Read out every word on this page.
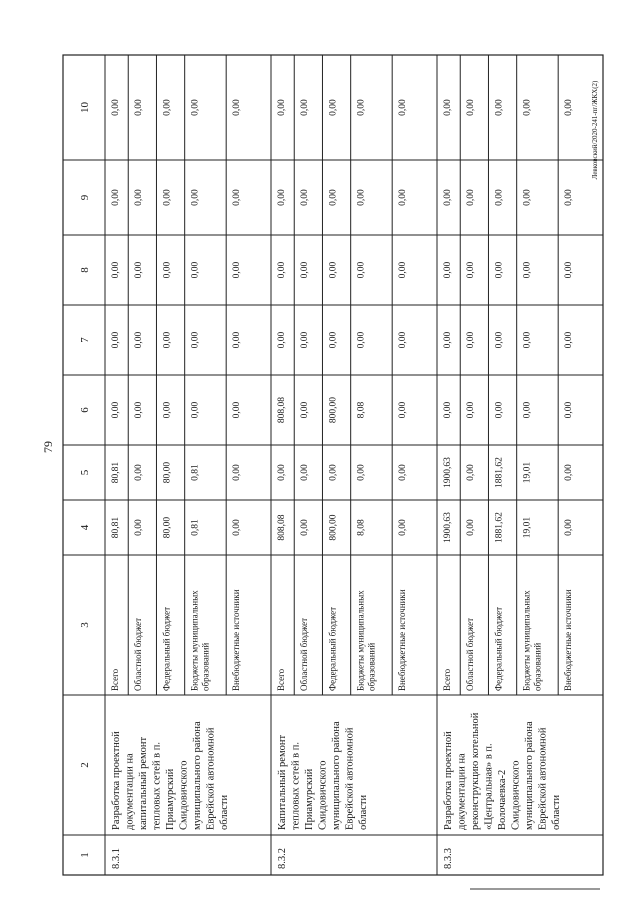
79
1
2
3
4
5
6
7
8
9
10
8.3.1
Разработка проектной документации на капитальный ремонт тепловых сетей в п. Приамурский Смидовичского муниципального района Еврейской автономной области
Всего
80,81
80,81
0,00
0,00
0,00
0,00
0,00
Областной бюджет
0,00
0,00
0,00
0,00
0,00
0,00
0,00
Федеральный бюджет
80,00
80,00
0,00
0,00
0,00
0,00
0,00
Бюджеты муниципальныхобразований
0,81
0,81
0,00
0,00
0,00
0,00
0,00
Внебюджетные источники
0,00
0,00
0,00
0,00
0,00
0,00
0,00
8.3.2
Капитальный ремонт тепловых сетей в п. Приамурский Смидовичского муниципального района Еврейской автономной области
Всего
808,08
0,00
808,08
0,00
0,00
0,00
0,00
Областной бюджет
0,00
0,00
0,00
0,00
0,00
0,00
0,00
Федеральный бюджет
800,00
0,00
800,00
0,00
0,00
0,00
0,00
Бюджеты муниципальныхобразований
8,08
0,00
8,08
0,00
0,00
0,00
0,00
Внебюджетные источники
0,00
0,00
0,00
0,00
0,00
0,00
0,00
8.3.3
Разработка проектной документации на реконструкцию котельной «Центральная» в п. Волочаевка-2 Смидовичского муниципального района Еврейской автономной области
Всего
1900,63
1900,63
0,00
0,00
0,00
0,00
0,00
Областной бюджет
0,00
0,00
0,00
0,00
0,00
0,00
0,00
Федеральный бюджет
1881,62
1881,62
0,00
0,00
0,00
0,00
0,00
Бюджеты муниципальныхобразований
19,01
19,01
0,00
0,00
0,00
0,00
0,00
Внебюджетные источники
0,00
0,00
0,00
0,00
0,00
0,00
0,00 Левковский/2020-241-пг/ЖКХ(2)
